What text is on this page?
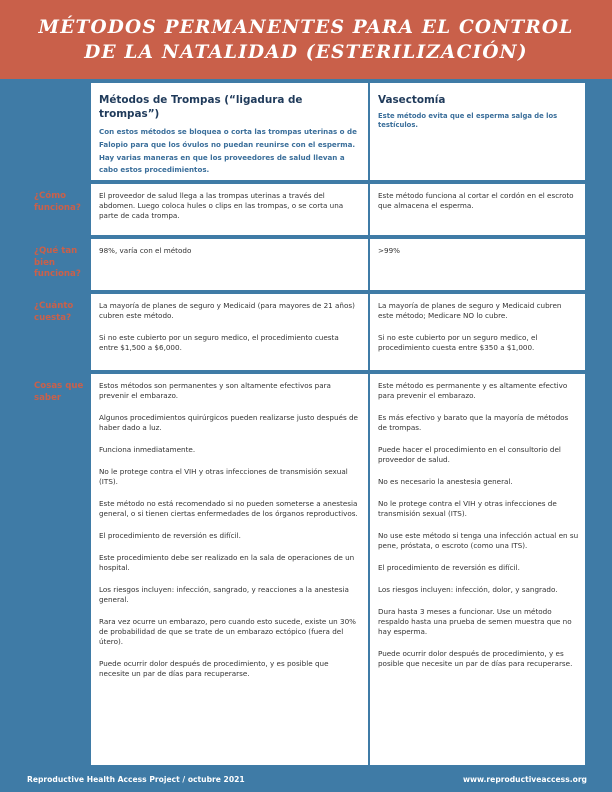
MÉTODOS PERMANENTES PARA EL CONTROL
DE LA NATALIDAD (ESTERILIZACIÓN)
Métodos de Trompas (“ligadura de trompas”)
Con estos métodos se bloquea o corta las trompas uterinas o de Falopio para que los óvulos no puedan reunirse con el esperma. Hay varias maneras en que los proveedores de salud llevan a cabo estos procedimientos.
Vasectomía
Este método evita que el esperma salga de los testículos.
¿Cómo funciona?

El proveedor de salud llega a las trompas uterinas a través del abdomen. Luego coloca hules o clips en las trompas, o se corta una parte de cada trompa.

Este método funciona al cortar el cordón en el escroto que almacena el esperma.

¿Qué tan bien funciona?

98%, varía con el método	>99%

¿Cuánto cuesta?

La mayoría de planes de seguro y Medicaid (para mayores de 21 años) cubren este método.

Si no este cubierto por un seguro medico, el procedimiento cuesta entre $1,500 a $6,000.

La mayoría de planes de seguro y Medicaid cubren este método; Medicare NO lo cubre.

Si no este cubierto por un seguro medico, el procedimiento cuesta entre $350 a $1,000.

Cosas que saber

Estos métodos son permanentes y son altamente efectivos para prevenir el embarazo.

Algunos procedimientos quirúrgicos pueden realizarse justo después de haber dado a luz.

Funciona inmediatamente.

No le protege contra el VIH y otras infecciones de transmisión sexual (ITS).

Este método no está recomendado si no pueden someterse a anestesia general, o si tienen ciertas enfermedades de los órganos reproductivos.

El procedimiento de reversión es difícil.

Este procedimiento debe ser realizado en la sala de operaciones de un hospital.

Los riesgos incluyen: infección, sangrado, y reacciones a la anestesia general.

Rara vez ocurre un embarazo, pero cuando esto sucede, existe un 30% de probabilidad de que se trate de un embarazo ectópico (fuera del útero).

Puede ocurrir dolor después de procedimiento, y es posible que necesite un par de días para recuperarse.

Este método es permanente y es altamente efectivo para prevenir el embarazo.

Es más efectivo y barato que la mayoría de métodos de trompas.

Puede hacer el procedimiento en el consultorio del proveedor de salud.

No es necesario la anestesia general.

No le protege contra el VIH y otras infecciones de transmisión sexual (ITS).

No use este método si tenga una infección actual en su pene, próstata, o escroto (como una ITS).

El procedimiento de reversión es difícil.

Los riesgos incluyen: infección, dolor, y sangrado.

Dura hasta 3 meses a funcionar. Use un método respaldo hasta una prueba de semen muestra que no hay esperma.

Puede ocurrir dolor después de procedimiento, y es posible que necesite un par de días para recuperarse.

Reproductive Health Access Project / octubre 2021	www.reproductiveaccess.org
